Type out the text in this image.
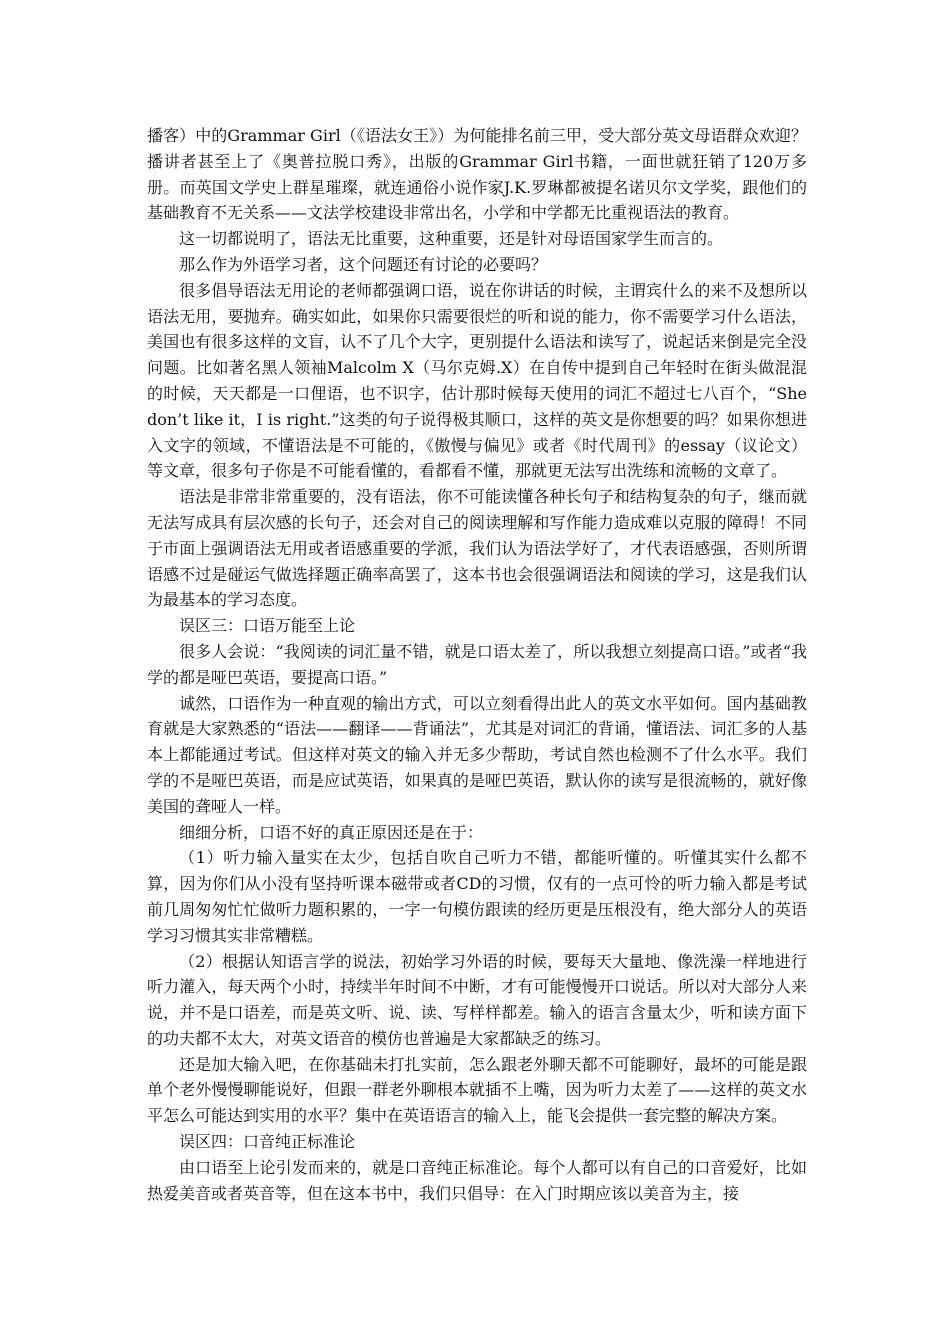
播客）中的Grammar Girl（《语法女王》）为何能排名前三甲，受大部分英文母语群众欢迎？播讲者甚至上了《奥普拉脱口秀》，出版的Grammar Girl书籍，一面世就狂销了120万多册。而英国文学史上群星璀璨，就连通俗小说作家J.K.罗琳都被提名诺贝尔文学奖，跟他们的基础教育不无关系——文法学校建设非常出名，小学和中学都无比重视语法的教育。

这一切都说明了，语法无比重要，这种重要，还是针对母语国家学生而言的。

那么作为外语学习者，这个问题还有讨论的必要吗？

很多倡导语法无用论的老师都强调口语，说在你讲话的时候，主谓宾什么的来不及想所以语法无用，要抛弃。确实如此，如果你只需要很烂的听和说的能力，你不需要学习什么语法，美国也有很多这样的文盲，认不了几个大字，更别提什么语法和读写了，说起话来倒是完全没问题。比如著名黑人领袖Malcolm X（马尔克姆.X）在自传中提到自己年轻时在街头做混混的时候，天天都是一口俚语，也不识字，估计那时候每天使用的词汇不超过七八百个，“She don’t like it，I is right.”这类的句子说得极其顺口，这样的英文是你想要的吗？如果你想进入文字的领域，不懂语法是不可能的，《傲慢与偏见》或者《时代周刊》的essay（议论文）等文章，很多句子你是不可能看懂的，看都看不懂，那就更无法写出洗练和流畅的文章了。

语法是非常非常重要的，没有语法，你不可能读懂各种长句子和结构复杂的句子，继而就无法写成具有层次感的长句子，还会对自己的阅读理解和写作能力造成难以克服的障碍！不同于市面上强调语法无用或者语感重要的学派，我们认为语法学好了，才代表语感强，否则所谓语感不过是碰运气做选择题正确率高罢了，这本书也会很强调语法和阅读的学习，这是我们认为最基本的学习态度。

误区三：口语万能至上论

很多人会说：“我阅读的词汇量不错，就是口语太差了，所以我想立刻提高口语。”或者“我学的都是哑巴英语，要提高口语。”

诚然，口语作为一种直观的输出方式，可以立刻看得出此人的英文水平如何。国内基础教育就是大家熟悉的“语法——翻译——背诵法”，尤其是对词汇的背诵，懂语法、词汇多的人基本上都能通过考试。但这样对英文的输入并无多少帮助，考试自然也检测不了什么水平。我们学的不是哑巴英语，而是应试英语，如果真的是哑巴英语，默认你的读写是很流畅的，就好像美国的聋哑人一样。

细细分析，口语不好的真正原因还是在于：

（1）听力输入量实在太少，包括自吹自己听力不错，都能听懂的。听懂其实什么都不算，因为你们从小没有坚持听课本磁带或者CD的习惯，仅有的一点可怜的听力输入都是考试前几周匆匆忙忙做听力题积累的，一字一句模仿跟读的经历更是压根没有，绝大部分人的英语学习习惯其实非常糟糕。

（2）根据认知语言学的说法，初始学习外语的时候，要每天大量地、像洗澡一样地进行听力灌入，每天两个小时，持续半年时间不中断，才有可能慢慢开口说话。所以对大部分人来说，并不是口语差，而是英文听、说、读、写样样都差。输入的语言含量太少，听和读方面下的功夫都不太大，对英文语音的模仿也普遍是大家都缺乏的练习。

还是加大输入吧，在你基础未打扎实前，怎么跟老外聊天都不可能聊好，最坏的可能是跟单个老外慢慢聊能说好，但跟一群老外聊根本就插不上嘴，因为听力太差了——这样的英文水平怎么可能达到实用的水平？集中在英语语言的输入上，能飞会提供一套完整的解决方案。

误区四：口音纯正标准论

由口语至上论引发而来的，就是口音纯正标准论。每个人都可以有自己的口音爱好，比如热爱美音或者英音等，但在这本书中，我们只倡导：在入门时期应该以美音为主，接
